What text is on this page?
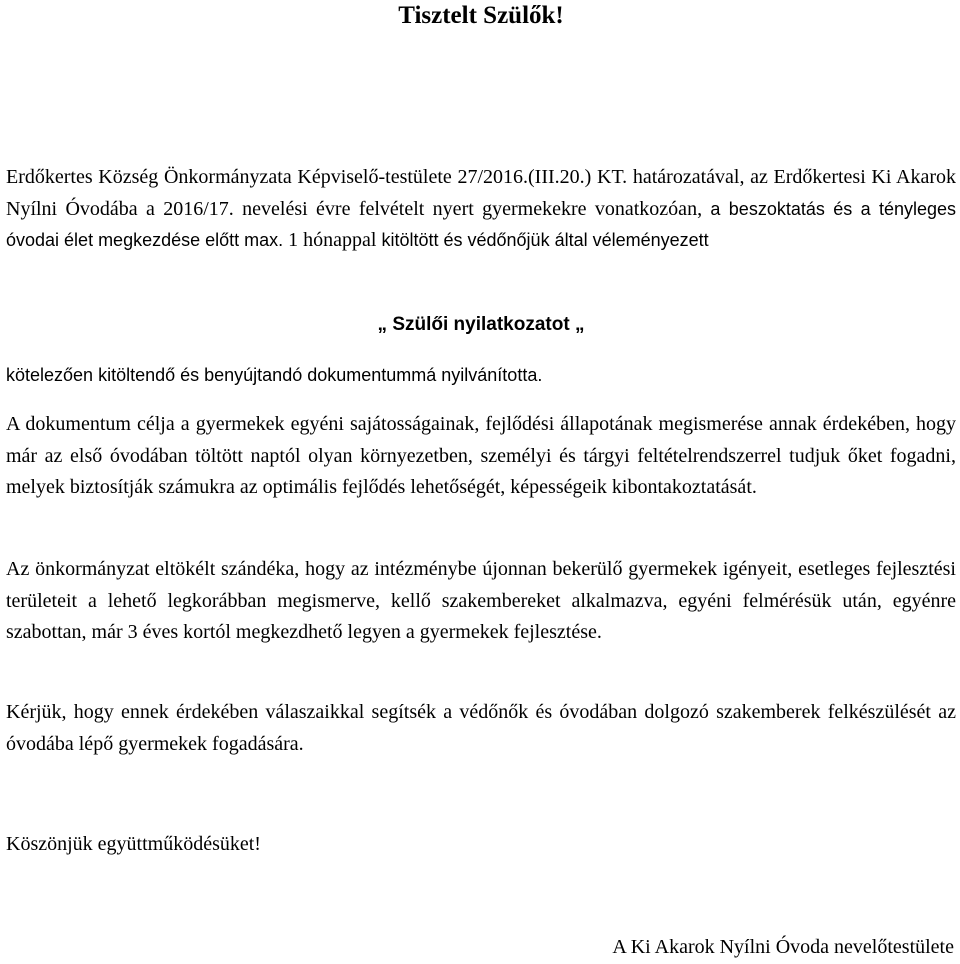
Tisztelt Szülők!

Erdőkertes Község Önkormányzata Képviselő-testülete 27/2016.(III.20.) KT. határozatával, az Erdőkertesi Ki Akarok Nyílni Óvodába a 2016/17. nevelési évre felvételt nyert gyermekekre vonatkozóan, a beszoktatás és a tényleges óvodai élet megkezdése előtt max. 1 hónappal kitöltött és védőnőjük által véleményezett

„ Szülői nyilatkozatot „
kötelezően kitöltendő és benyújtandó dokumentummá nyilvánította.

A dokumentum célja a gyermekek egyéni sajátosságainak, fejlődési állapotának megismerése annak érdekében, hogy már az első óvodában töltött naptól olyan környezetben, személyi és tárgyi feltételrendszerrel tudjuk őket fogadni, melyek biztosítják számukra az optimális fejlődés lehetőségét, képességeik kibontakoztatását.

Az önkormányzat eltökélt szándéka, hogy az intézménybe újonnan bekerülő gyermekek igényeit, esetleges fejlesztési területeit a lehető legkorábban megismerve, kellő szakembereket alkalmazva, egyéni felmérésük után, egyénre szabottan, már 3 éves kortól megkezdhető legyen a gyermekek fejlesztése.

Kérjük, hogy ennek érdekében válaszaikkal segítsék a védőnők és óvodában dolgozó szakemberek felkészülését az óvodába lépő gyermekek fogadására.

Köszönjük együttműködésüket!
A Ki Akarok Nyílni Óvoda nevelőtestülete
